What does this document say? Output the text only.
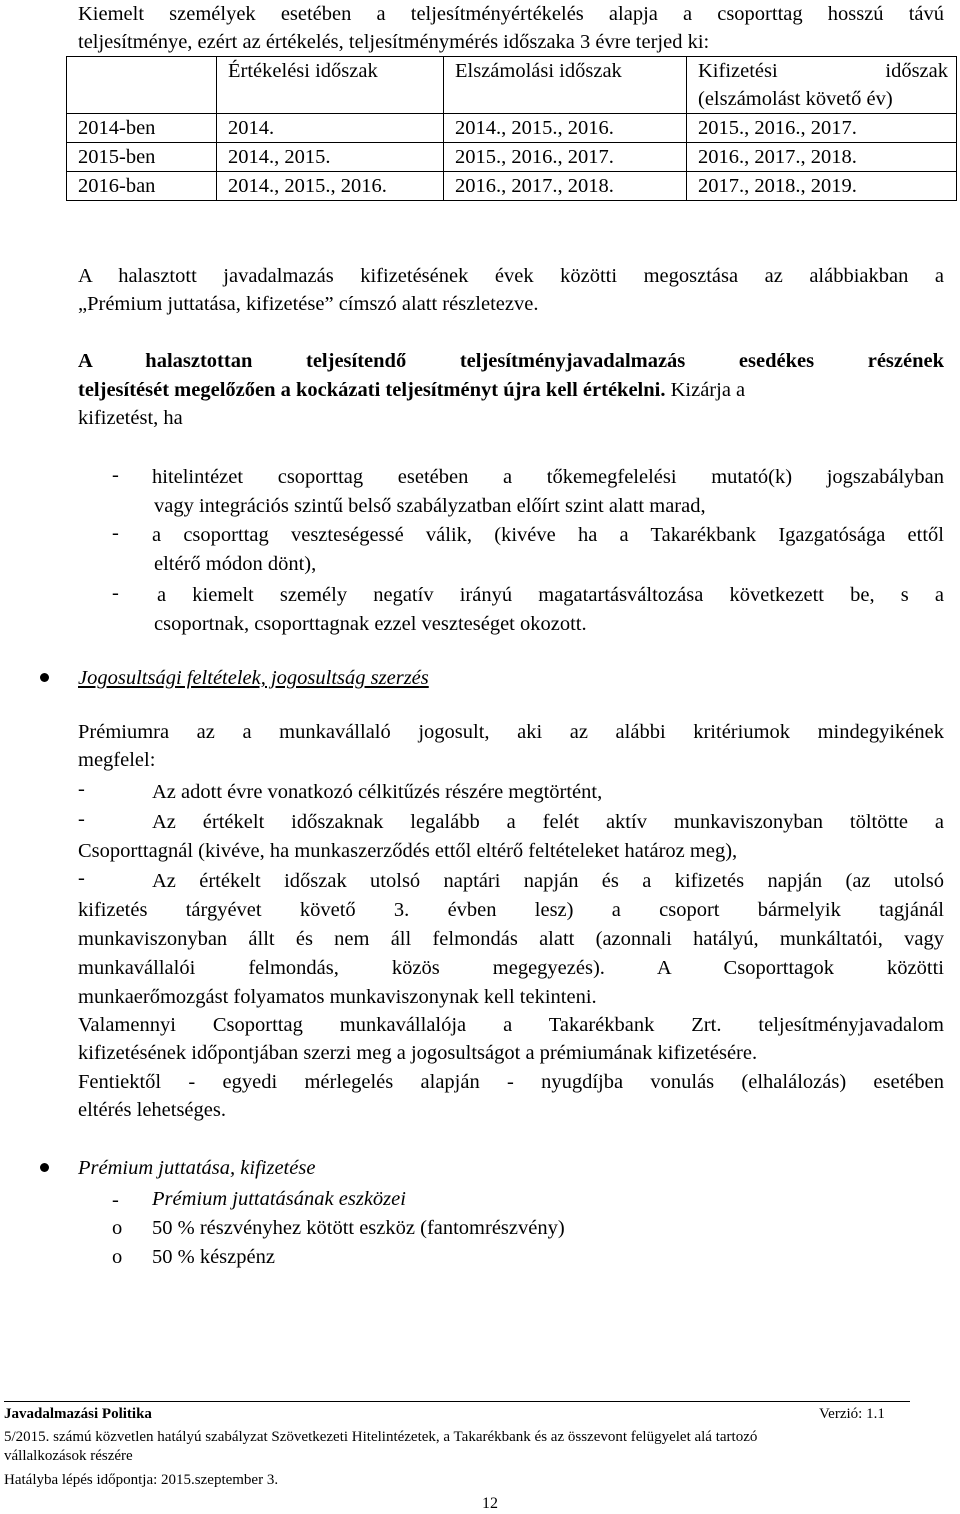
Kiemelt személyek esetében a teljesítményértékelés alapja a csoporttag hosszú távú
teljesítménye, ezért az értékelés, teljesítménymérés időszaka 3 évre terjed ki:
	Értékelési időszak	Elszámolási időszak	Kifizetési időszak
(elszámolást követő év)

2014-ben	2014.	2014., 2015., 2016.	2015., 2016., 2017.
2015-ben	2014., 2015.	2015., 2016., 2017.	2016., 2017., 2018.
2016-ban	2014., 2015., 2016.	2016., 2017., 2018.	2017., 2018., 2019.
A halasztott javadalmazás kifizetésének évek közötti megosztása az alábbiakban a
„Prémium juttatása, kifizetése” címszó alatt részletezve.
A halasztottan teljesítendő teljesítményjavadalmazás esedékes részének
teljesítését megelőzően a kockázati teljesítményt újra kell értékelni. Kizárja a
kifizetést, ha
- hitelintézet csoporttag esetében a tőkemegfelelési mutató(k) jogszabályban
vagy integrációs szintű belső szabályzatban előírt szint alatt marad,
- a csoporttag veszteségessé válik, (kivéve ha a Takarékbank Igazgatósága ettől
eltérő módon dönt),
- a kiemelt személy negatív irányú magatartásváltozása következett be, s a
csoportnak, csoporttagnak ezzel veszteséget okozott.
Jogosultsági feltételek, jogosultság szerzés
Prémiumra az a munkavállaló jogosult, aki az alábbi kritériumok mindegyikének
megfelel:
-	Az adott évre vonatkozó célkitűzés részére megtörtént,
-	Az értékelt időszaknak legalább a felét aktív munkaviszonyban töltötte a
Csoporttagnál (kivéve, ha munkaszerződés ettől eltérő feltételeket határoz meg),
-	Az értékelt időszak utolsó naptári napján és a kifizetés napján (az utolsó
kifizetés tárgyévet követő 3. évben lesz) a csoport bármelyik tagjánál
munkaviszonyban állt és nem áll felmondás alatt (azonnali hatályú, munkáltatói, vagy
munkavállalói felmondás, közös megegyezés). A Csoporttagok közötti
munkaerőmozgást folyamatos munkaviszonynak kell tekinteni.
Valamennyi Csoporttag munkavállalója a Takarékbank Zrt. teljesítményjavadalom
kifizetésének időpontjában szerzi meg a jogosultságot a prémiumának kifizetésére.
Fentiektől - egyedi mérlegelés alapján - nyugdíjba vonulás (elhalálozás) esetében
eltérés lehetséges.
Prémium juttatása, kifizetése
- Prémium juttatásának eszközei
o 50 % részvényhez kötött eszköz (fantomrészvény)
o 50 % készpénz
Javadalmazási Politika	Verzió: 1.1
5/2015. számú közvetlen hatályú szabályzat Szövetkezeti Hitelintézetek, a Takarékbank és az összevont felügyelet alá tartozó
vállalkozások részére
Hatályba lépés időpontja: 2015.szeptember 3.
12
